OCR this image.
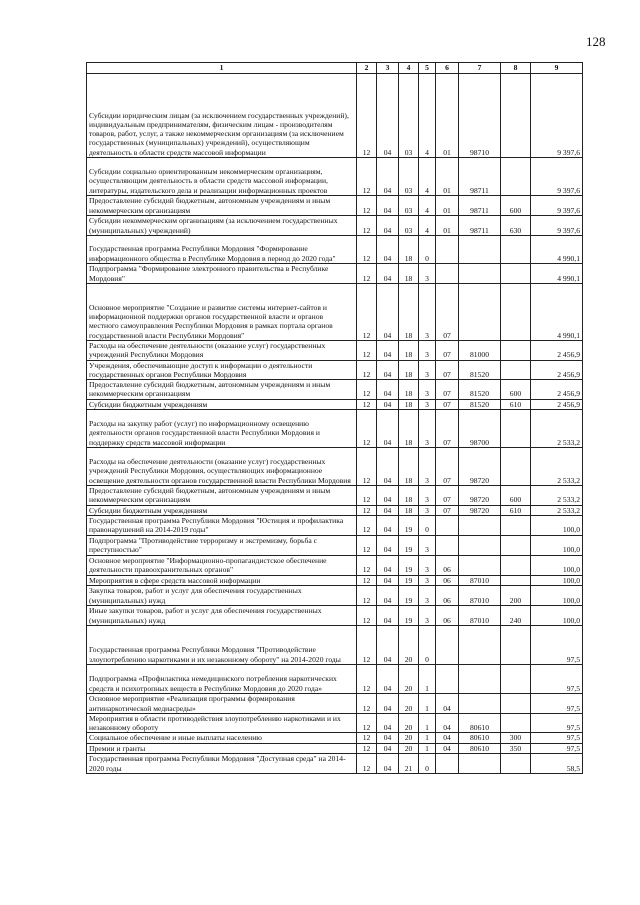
128
1	2	3	4	5	6	7	8	9
Субсидии юридическим лицам (за исключением государственных учреждений), индивидуальным предпринимателям, физическим лицам - производителям товаров, работ, услуг, а также некоммерческим организациям (за исключением государственных (муниципальных) учреждений), осуществляющим деятельность в области средств массовой информации	12	04	03	4	01	98710		9 397,6
Субсидии социально ориентированным некоммерческим организациям, осуществляющим деятельность в области средств массовой информации, литературы, издательского дела и реализации информационных проектов	12	04	03	4	01	98711		9 397,6
Предоставление субсидий бюджетным, автономным учреждениям и иным некоммерческим организациям	12	04	03	4	01	98711	600	9 397,6
Субсидии некоммерческим организациям (за исключением государственных (муниципальных) учреждений)	12	04	03	4	01	98711	630	9 397,6
Государственная программа Республики Мордовия "Формирование информационного общества в Республике Мордовия в период до 2020 года"	12	04	18	0				4 990,1
Подпрограмма "Формирование электронного правительства в Республике Мордовия"	12	04	18	3				4 990,1
Основное мероприятие "Создание и развитие системы интернет-сайтов и информационной поддержки органов государственной власти и органов местного самоуправления Республики Мордовия в рамках портала органов государственной власти Республики Мордовия"	12	04	18	3	07			4 990,1
Расходы на обеспечение деятельности (оказание услуг) государственных учреждений Республики Мордовия	12	04	18	3	07	81000		2 456,9
Учреждения, обеспечивающие доступ к информации о деятельности государственных органов Республики Мордовия	12	04	18	3	07	81520		2 456,9
Предоставление субсидий бюджетным, автономным учреждениям и иным некоммерческим организациям	12	04	18	3	07	81520	600	2 456,9
Субсидии бюджетным учреждениям	12	04	18	3	07	81520	610	2 456,9
Расходы на закупку работ (услуг) по информационному освещению деятельности органов государственной власти Республики Мордовия и поддержку средств массовой информации	12	04	18	3	07	98700		2 533,2
Расходы на обеспечение деятельности (оказание услуг) государственных учреждений Республики Мордовия, осуществляющих информационное освещение деятельности органов государственной власти Республики Мордовия	12	04	18	3	07	98720		2 533,2
Предоставление субсидий бюджетным, автономным учреждениям и иным некоммерческим организациям	12	04	18	3	07	98720	600	2 533,2
Субсидии бюджетным учреждениям	12	04	18	3	07	98720	610	2 533,2
Государственная программа Республики Мордовия "Юстиция и профилактика правонарушений на 2014-2019 годы"	12	04	19	0				100,0
Подпрограмма "Противодействие терроризму и экстремизму, борьба с преступностью"	12	04	19	3				100,0
Основное мероприятие "Информационно-пропагандистское обеспечение деятельности правоохранительных органов"	12	04	19	3	06			100,0
Мероприятия в сфере средств массовой информации	12	04	19	3	06	87010		100,0
Закупка товаров, работ и услуг для обеспечения государственных (муниципальных) нужд	12	04	19	3	06	87010	200	100,0
Иные закупки товаров, работ и услуг для обеспечения государственных (муниципальных) нужд	12	04	19	3	06	87010	240	100,0
Государственная программа Республики Мордовия "Противодействие злоупотреблению наркотиками и их незаконному обороту" на 2014-2020 годы	12	04	20	0				97,5
Подпрограмма «Профилактика немедицинского потребления наркотических средств и психотропных веществ в Республике Мордовия до 2020 года»	12	04	20	1				97,5
Основное мероприятие «Реализация программы формирования антинаркотической медиасреды»	12	04	20	1	04			97,5
Мероприятия в области противодействия злоупотреблению наркотиками и их незаконному обороту	12	04	20	1	04	80610		97,5
Социальное обеспечение и иные выплаты населению	12	04	20	1	04	80610	300	97,5
Премии и гранты	12	04	20	1	04	80610	350	97,5
Государственная программа Республики Мордовия "Доступная среда" на 2014-2020 годы	12	04	21	0				58,5
